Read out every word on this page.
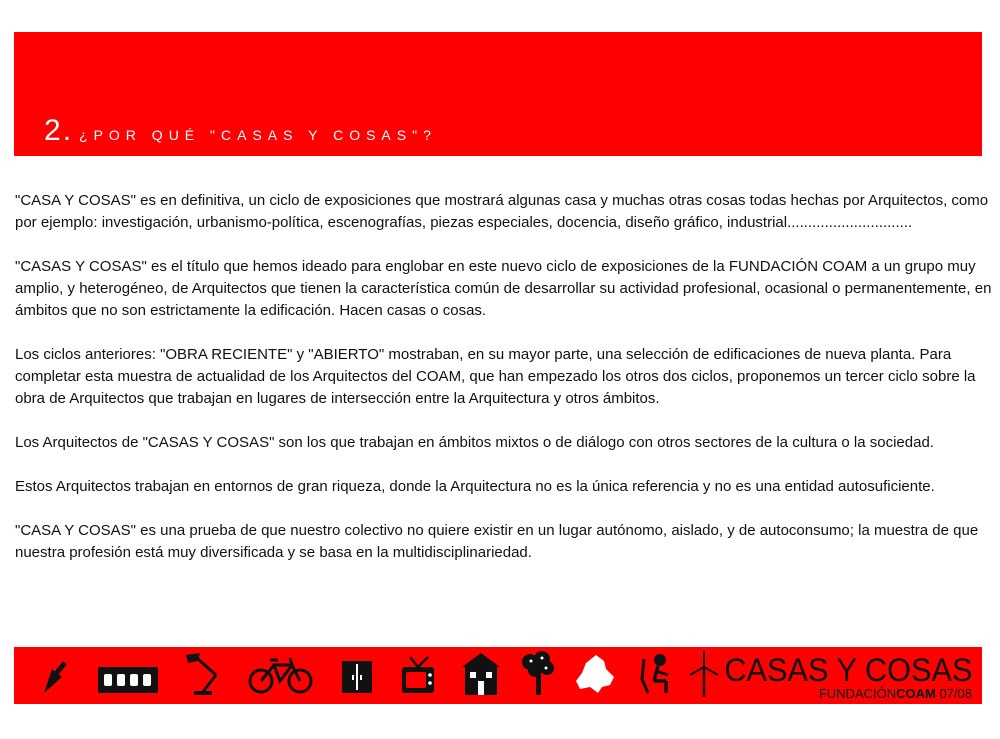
2 . ¿POR QUÉ "CASAS Y COSAS"?

"CASA Y COSAS" es en definitiva, un ciclo de exposiciones que mostrará algunas casa y muchas otras cosas todas hechas por Arquitectos, como por ejemplo: investigación, urbanismo-política, escenografías, piezas especiales, docencia, diseño gráfico, industrial..............................

"CASAS Y COSAS" es el título que hemos ideado para englobar en este nuevo ciclo de exposiciones de la FUNDACIÓN COAM a un grupo muy amplio, y heterogéneo, de Arquitectos que tienen la característica común de desarrollar su actividad profesional, ocasional o permanentemente, en ámbitos que no son estrictamente la edificación. Hacen casas o cosas.

Los ciclos anteriores: "OBRA RECIENTE" y "ABIERTO" mostraban, en su mayor parte, una selección de edificaciones de nueva planta. Para completar esta muestra de actualidad de los Arquitectos del COAM, que han empezado los otros dos ciclos, proponemos un tercer ciclo sobre la obra de Arquitectos que trabajan en lugares de intersección entre la Arquitectura y otros ámbitos.

Los Arquitectos de "CASAS Y COSAS" son los que trabajan en ámbitos mixtos o de diálogo con otros sectores de la cultura o la sociedad.

Estos Arquitectos trabajan en entornos de gran riqueza, donde la Arquitectura no es la única referencia y no es una entidad autosuficiente.

"CASA Y COSAS" es una prueba de que nuestro colectivo no quiere existir en un lugar autónomo, aislado, y de autoconsumo; la muestra de que nuestra profesión está muy diversificada y se basa en la multidisciplinariedad.

CASAS Y COSAS
FUNDACIÓNCOAM 07/08
